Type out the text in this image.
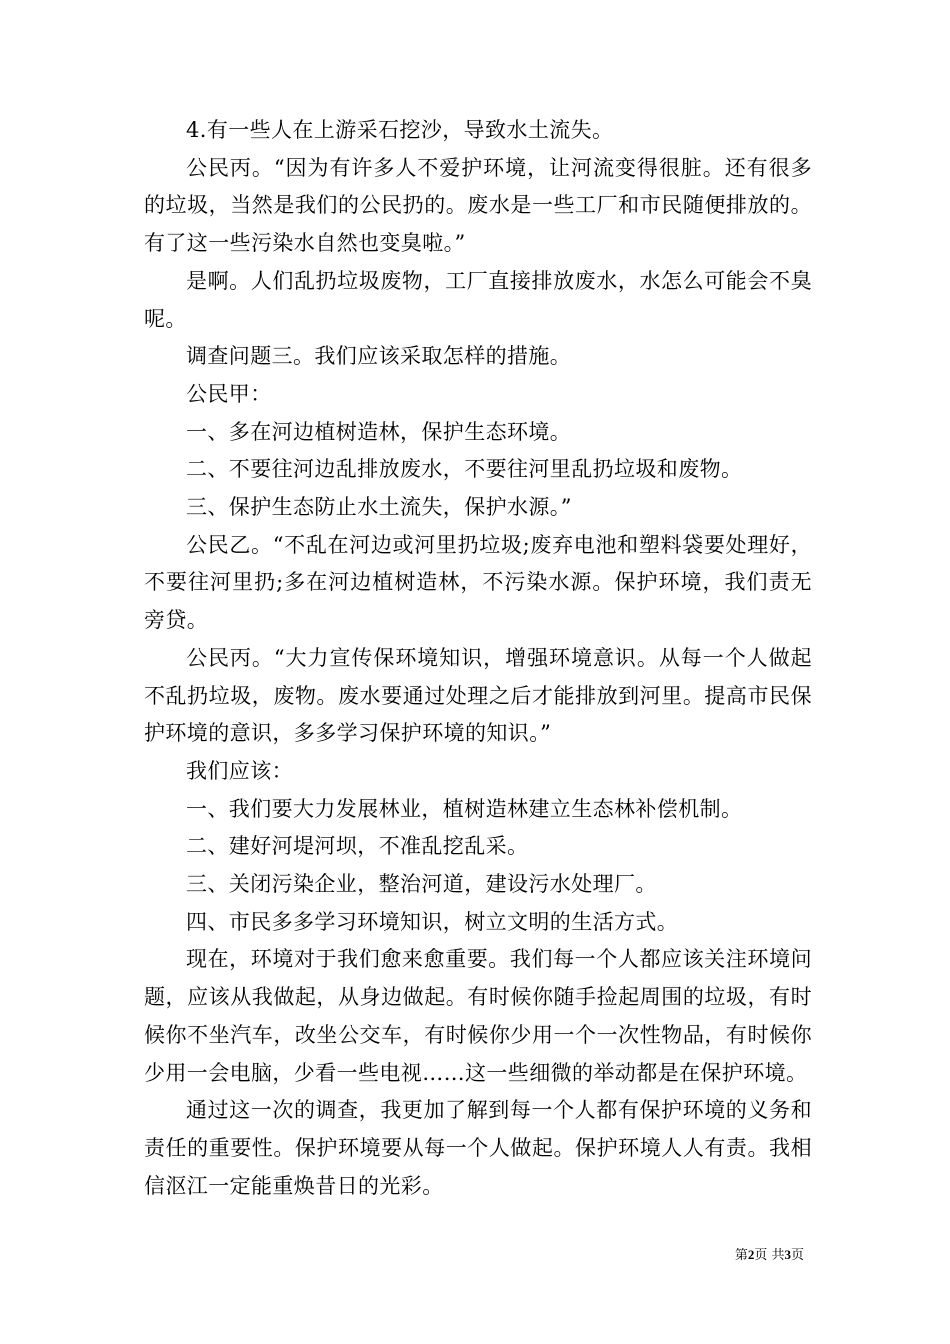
4.有一些人在上游采石挖沙，导致水土流失。

公民丙。“因为有许多人不爱护环境，让河流变得很脏。还有很多的垃圾，当然是我们的公民扔的。废水是一些工厂和市民随便排放的。有了这一些污染水自然也变臭啦。”

是啊。人们乱扔垃圾废物，工厂直接排放废水，水怎么可能会不臭呢。

调查问题三。我们应该采取怎样的措施。

公民甲：

一、多在河边植树造林，保护生态环境。

二、不要往河边乱排放废水，不要往河里乱扔垃圾和废物。

三、保护生态防止水土流失，保护水源。”

公民乙。“不乱在河边或河里扔垃圾;废弃电池和塑料袋要处理好，不要往河里扔;多在河边植树造林，不污染水源。保护环境，我们责无旁贷。

公民丙。“大力宣传保环境知识，增强环境意识。从每一个人做起不乱扔垃圾，废物。废水要通过处理之后才能排放到河里。提高市民保护环境的意识，多多学习保护环境的知识。”

我们应该：

一、我们要大力发展林业，植树造林建立生态林补偿机制。

二、建好河堤河坝，不准乱挖乱采。

三、关闭污染企业，整治河道，建设污水处理厂。

四、市民多多学习环境知识，树立文明的生活方式。

现在，环境对于我们愈来愈重要。我们每一个人都应该关注环境问题，应该从我做起，从身边做起。有时候你随手捡起周围的垃圾，有时候你不坐汽车，改坐公交车，有时候你少用一个一次性物品，有时候你少用一会电脑，少看一些电视……这一些细微的举动都是在保护环境。

通过这一次的调查，我更加了解到每一个人都有保护环境的义务和责任的重要性。保护环境要从每一个人做起。保护环境人人有责。我相信沤江一定能重焕昔日的光彩。

第2页 共3页
